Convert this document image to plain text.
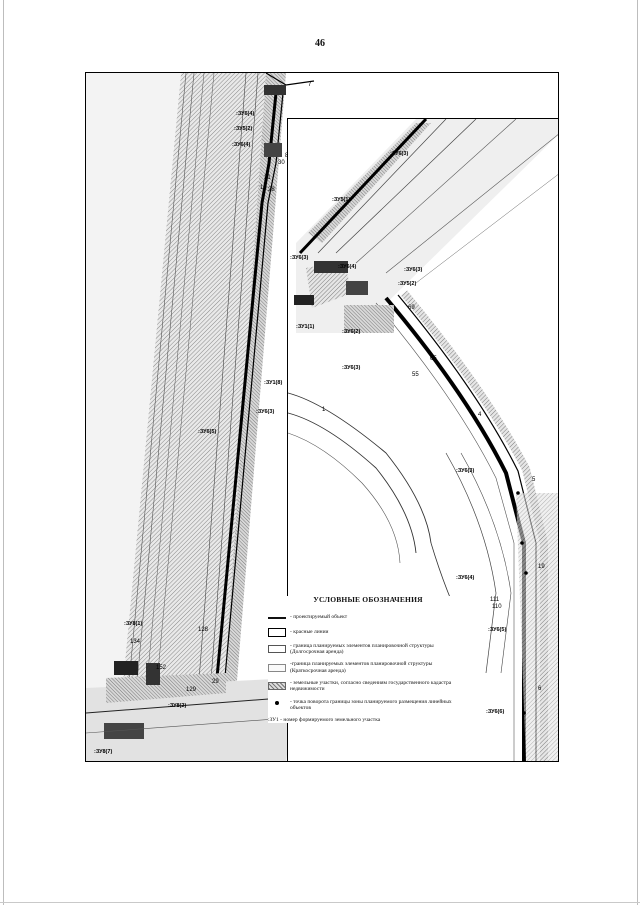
46
:ЗУ6(4)
:ЗУ5(2)
:ЗУ6(4)
:ЗУ1(8)
:ЗУ6(3)
:ЗУ6(5)
:ЗУ8(1)
:ЗУ8(2)
:ЗУ8(7)
7
8
30
21
16 28
29
128
129
152
134
:ЗУ6(3)
:ЗУ5(1)
:ЗУ6(3)
:ЗУ6(4)	:ЗУ6(3)
:ЗУ5(2)
:ЗУ1(1)
:ЗУ6(2)
:ЗУ6(3)
:ЗУ6(3)
:ЗУ6(4)
:ЗУ6(5)
:ЗУ6(6)
1
55
65
69
4
5
19
110
111
6
УСЛОВНЫЕ ОБОЗНАЧЕНИЯ
- проектируемый объект
- красные линии
- граница планируемых элементов планировочной структуры (Долгосрочная аренда)
-граница планируемых элементов планировочной структуры (Краткосрочная аренда)
- земельные участки, согласно сведениям государственного кадастра недвижимости
- точка поворота границы зоны планируемого размещения линейных объектов
:ЗУ1 - номер формируемого земельного участка
